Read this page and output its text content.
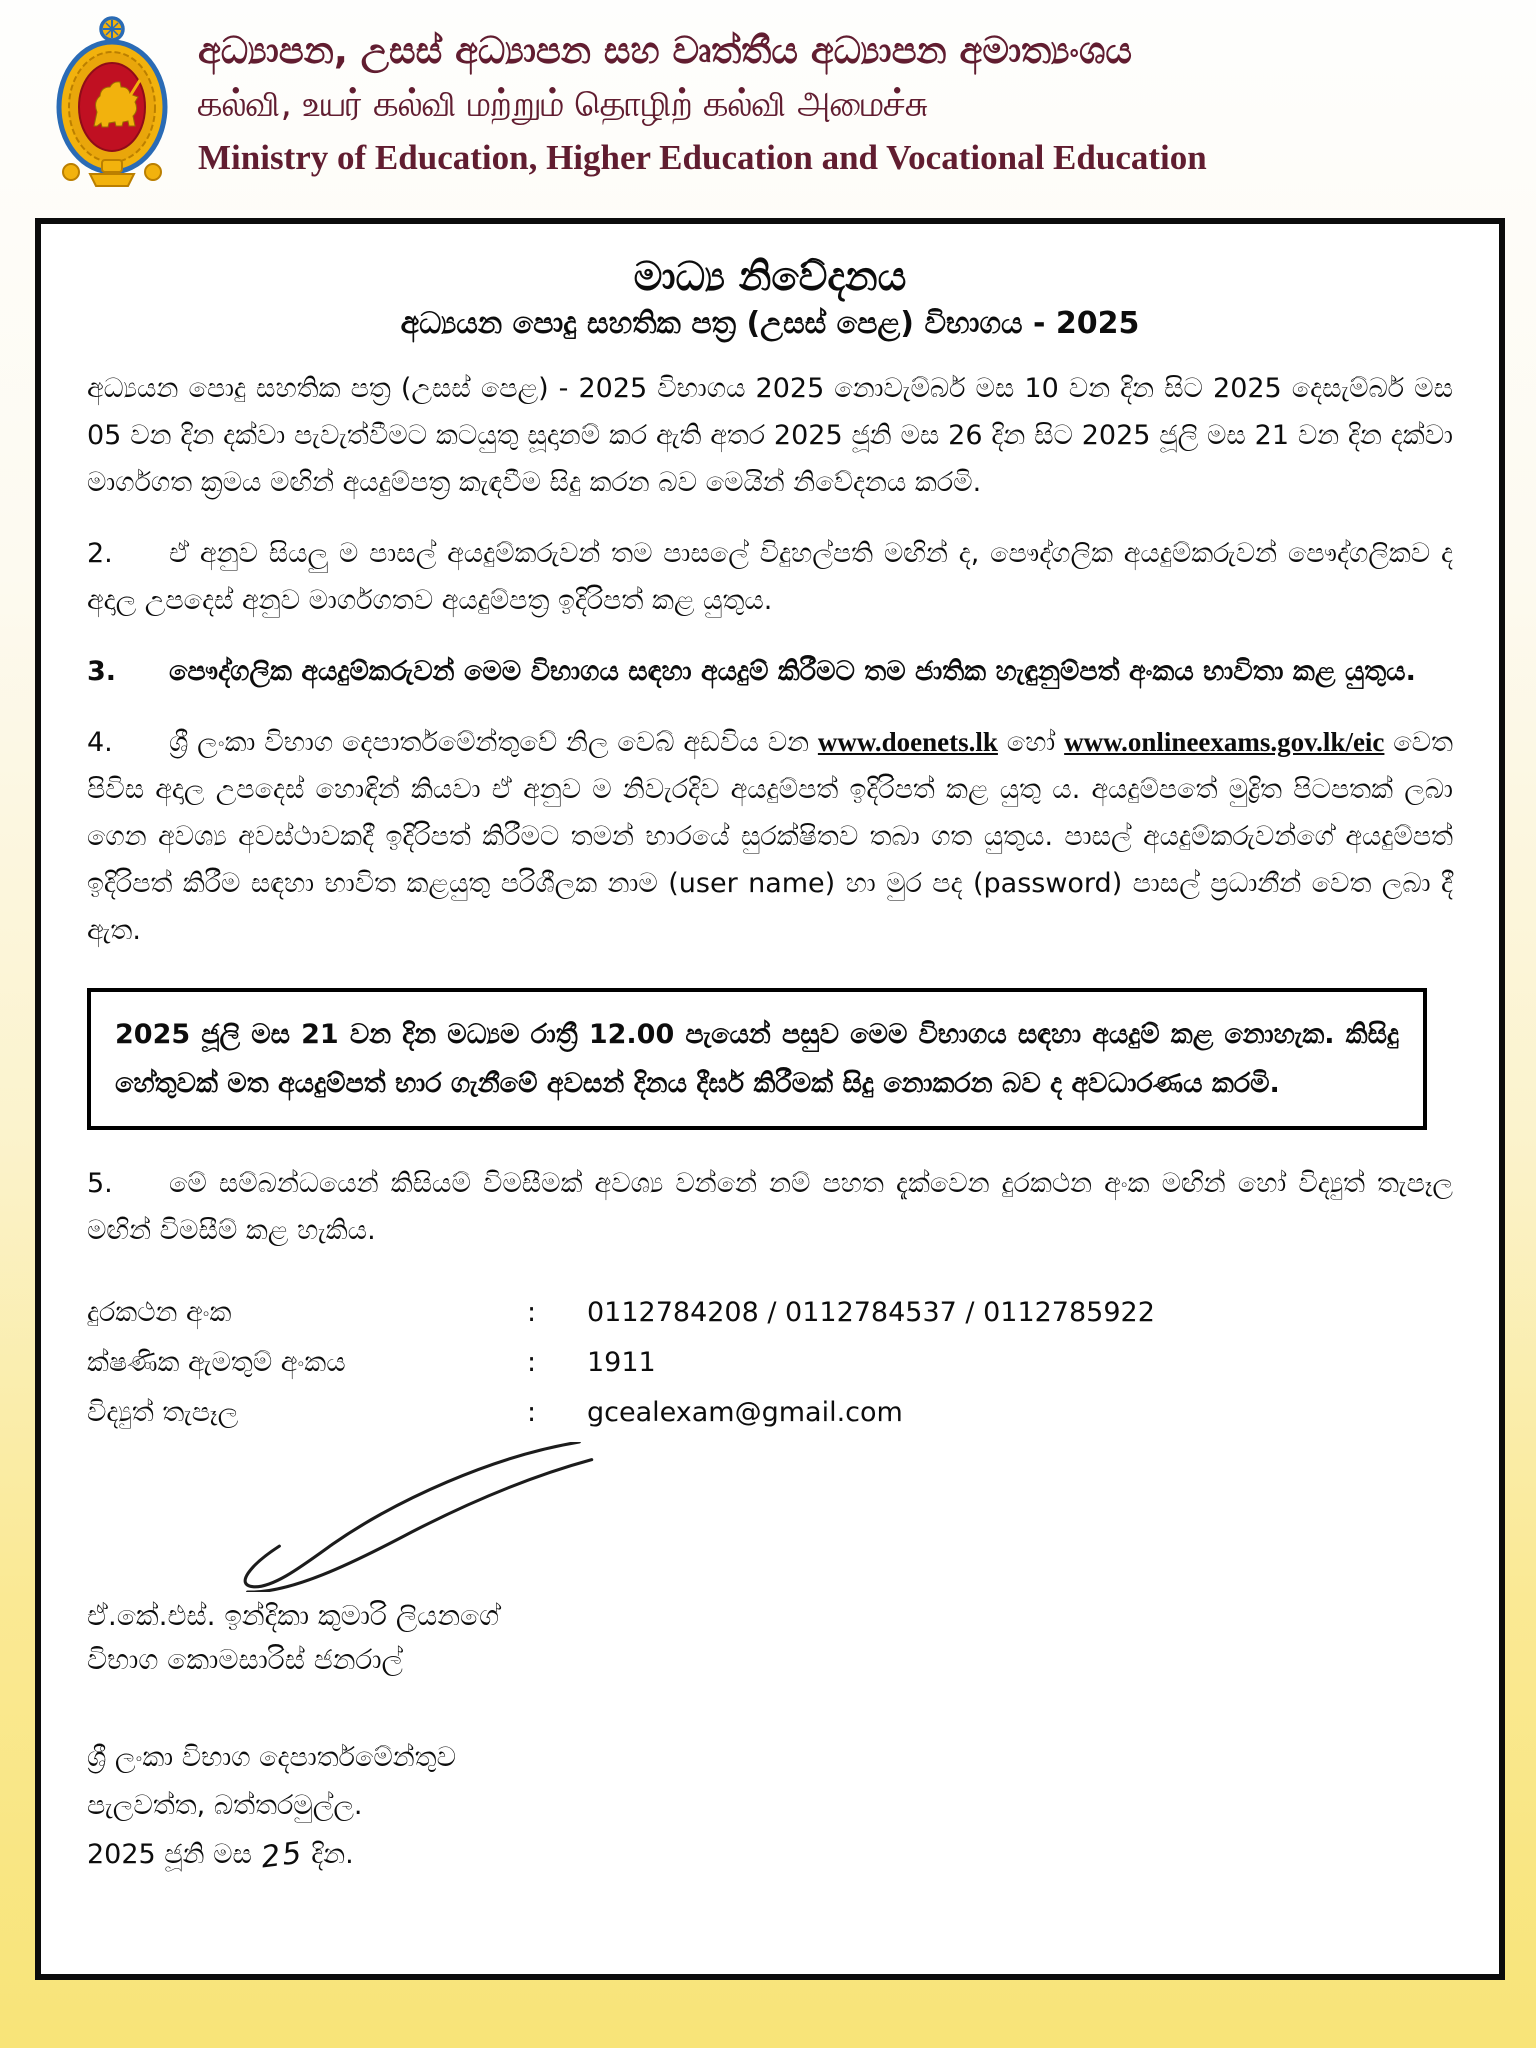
අධ්‍යාපන, උසස් අධ්‍යාපන සහ වෘත්තීය අධ්‍යාපන අමාත්‍යංශය
கல்வி, உயர் கல்வி மற்றும் தொழிற் கல்வி அமைச்சு
Ministry of Education, Higher Education and Vocational Education
මාධ්‍ය නිවේදනය
අධ්‍යයන පොදු සහතික පත්‍ර (උසස් පෙළ) විභාගය - 2025

අධ්‍යයන පොදු සහතික පත්‍ර (උසස් පෙළ) - 2025 විභාගය 2025 නොවැම්බර් මස 10 වන දින සිට 2025 දෙසැම්බර් මස 05 වන දින දක්වා පැවැත්වීමට කටයුතු සූදානම් කර ඇති අතර 2025 ජූනි මස 26 දින සිට 2025 ජූලි මස 21 වන දින දක්වා මාර්ගගත ක්‍රමය මඟින් අයදුම්පත්‍ර කැඳවීම සිදු කරන බව මෙයින් නිවේදනය කරමි.

2. ඒ අනුව සියලු ම පාසල් අයදුම්කරුවන් තම පාසලේ විදුහල්පති මඟින් ද, පෞද්ගලික අයදුම්කරුවන් පෞද්ගලිකව ද අදාල උපදෙස් අනුව මාර්ගගතව අයදුම්පත්‍ර ඉදිරිපත් කළ යුතුය.

3. පෞද්ගලික අයදුම්කරුවන් මෙම විභාගය සඳහා අයදුම් කිරීමට තම ජාතික හැඳුනුම්පත් අංකය භාවිතා කළ යුතුය.

4. ශ්‍රී ලංකා විභාග දෙපාර්තමේන්තුවේ නිල වෙබ් අඩවිය වන www.doenets.lk හෝ www.onlineexams.gov.lk/eic වෙත පිවිස අදාල උපදෙස් හොඳින් කියවා ඒ අනුව ම නිවැරදිව අයදුම්පත් ඉදිරිපත් කළ යුතු ය. අයදුම්පතේ මුද්‍රිත පිටපතක් ලබා ගෙන අවශ්‍ය අවස්ථාවකදී ඉදිරිපත් කිරීමට තමන් භාරයේ සුරක්ෂිතව තබා ගත යුතුය. පාසල් අයදුම්කරුවන්ගේ අයදුම්පත් ඉදිරිපත් කිරීම සඳහා භාවිත කළයුතු පරිශීලක නාම (user name) හා මුර පද (password) පාසල් ප්‍රධානීන් වෙත ලබා දී ඇත.

2025 ජූලි මස 21 වන දින මධ්‍යම රාත්‍රී 12.00 පැයෙන් පසුව මෙම විභාගය සඳහා අයදුම් කළ නොහැක. කිසිදු හේතුවක් මත අයදුම්පත් භාර ගැනීමේ අවසන් දිනය දීර්ඝ කිරීමක් සිදු නොකරන බව ද අවධාරණය කරමි.

5. මේ සම්බන්ධයෙන් කිසියම් විමසීමක් අවශ්‍ය වන්නේ නම් පහත දැක්වෙන දුරකථන අංක මඟින් හෝ විද්‍යුත් තැපෑල මඟින් විමසීම් කළ හැකිය.

දුරකථන අංක	:	0112784208 / 0112784537 / 0112785922
ක්ෂණික ඇමතුම් අංකය	:	1911
විද්‍යුත් තැපෑල	:	gcealexam@gmail.com
ඒ.කේ.එස්. ඉන්දිකා කුමාරි ලියනගේ
විභාග කොමසාරිස් ජනරාල්
ශ්‍රී ලංකා විභාග දෙපාර්තමේන්තුව
පැලවත්ත, බත්තරමුල්ල.
2025 ජූනි මස 25 දින.
